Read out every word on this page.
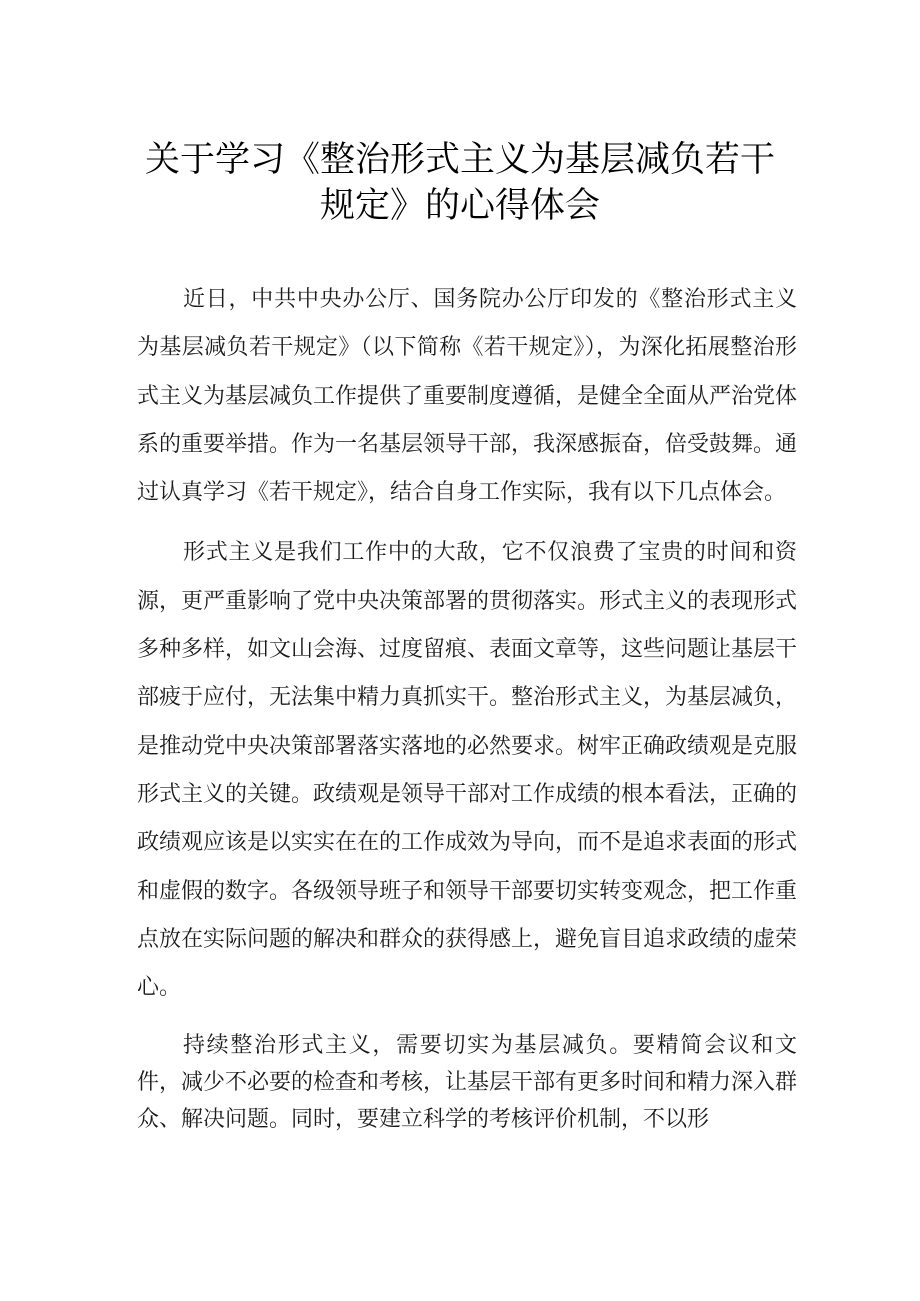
关于学习《整治形式主义为基层减负若干
规定》的心得体会

近日，中共中央办公厅、国务院办公厅印发的《整治形式主义为基层减负若干规定》（以下简称《若干规定》），为深化拓展整治形式主义为基层减负工作提供了重要制度遵循，是健全全面从严治党体系的重要举措。作为一名基层领导干部，我深感振奋，倍受鼓舞。通过认真学习《若干规定》，结合自身工作实际，我有以下几点体会。

形式主义是我们工作中的大敌，它不仅浪费了宝贵的时间和资源，更严重影响了党中央决策部署的贯彻落实。形式主义的表现形式多种多样，如文山会海、过度留痕、表面文章等，这些问题让基层干部疲于应付，无法集中精力真抓实干。整治形式主义，为基层减负，是推动党中央决策部署落实落地的必然要求。树牢正确政绩观是克服形式主义的关键。政绩观是领导干部对工作成绩的根本看法，正确的政绩观应该是以实实在在的工作成效为导向，而不是追求表面的形式和虚假的数字。各级领导班子和领导干部要切实转变观念，把工作重点放在实际问题的解决和群众的获得感上，避免盲目追求政绩的虚荣心。

持续整治形式主义，需要切实为基层减负。要精简会议和文件，减少不必要的检查和考核，让基层干部有更多时间和精力深入群众、解决问题。同时，要建立科学的考核评价机制，不以形
